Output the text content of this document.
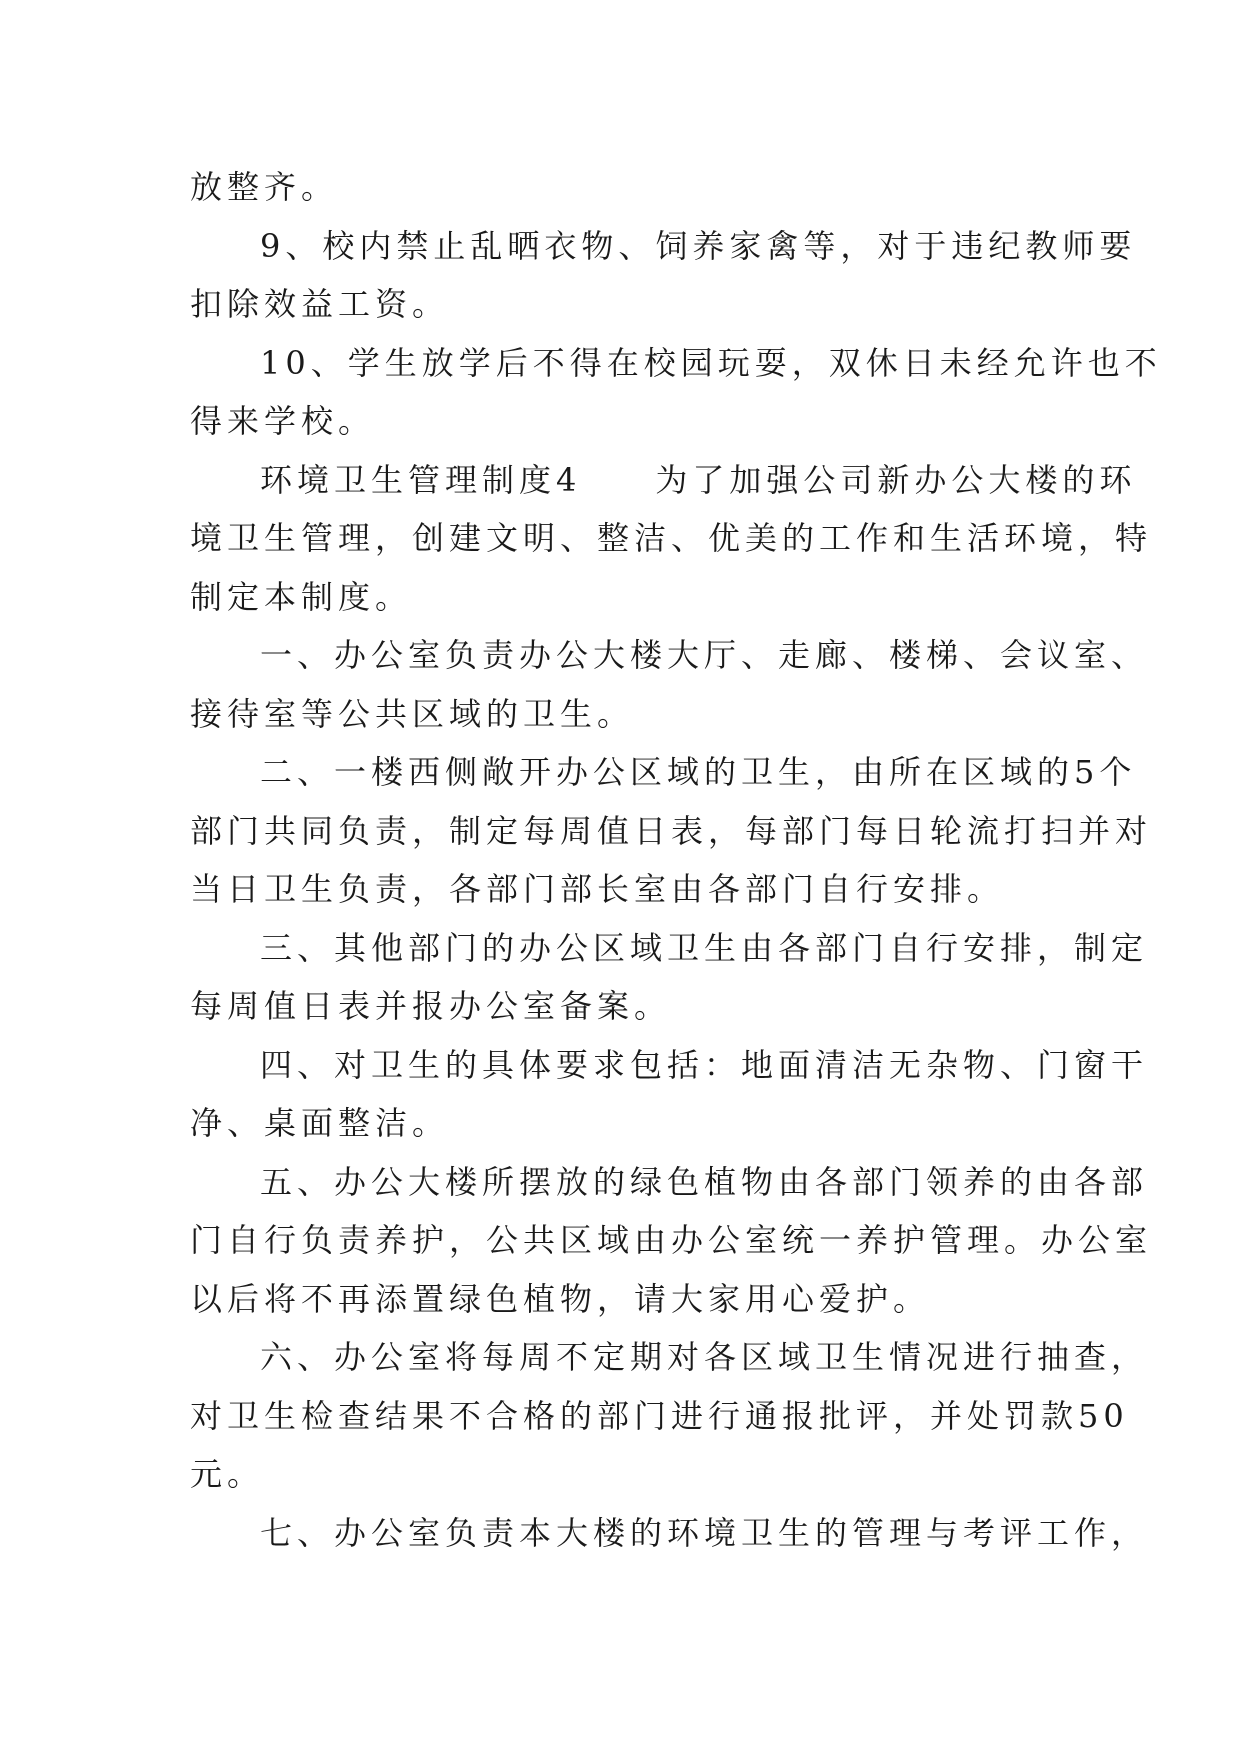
放整齐。
9、校内禁止乱晒衣物、饲养家禽等，对于违纪教师要
扣除效益工资。
10、学生放学后不得在校园玩耍，双休日未经允许也不
得来学校。
环境卫生管理制度4　　为了加强公司新办公大楼的环
境卫生管理，创建文明、整洁、优美的工作和生活环境，特
制定本制度。
一、办公室负责办公大楼大厅、走廊、楼梯、会议室、
接待室等公共区域的卫生。
二、一楼西侧敞开办公区域的卫生，由所在区域的5个
部门共同负责，制定每周值日表，每部门每日轮流打扫并对
当日卫生负责，各部门部长室由各部门自行安排。
三、其他部门的办公区域卫生由各部门自行安排，制定
每周值日表并报办公室备案。
四、对卫生的具体要求包括：地面清洁无杂物、门窗干
净、桌面整洁。
五、办公大楼所摆放的绿色植物由各部门领养的由各部
门自行负责养护，公共区域由办公室统一养护管理。办公室
以后将不再添置绿色植物，请大家用心爱护。
六、办公室将每周不定期对各区域卫生情况进行抽查，
对卫生检查结果不合格的部门进行通报批评，并处罚款50
元。
七、办公室负责本大楼的环境卫生的管理与考评工作，
